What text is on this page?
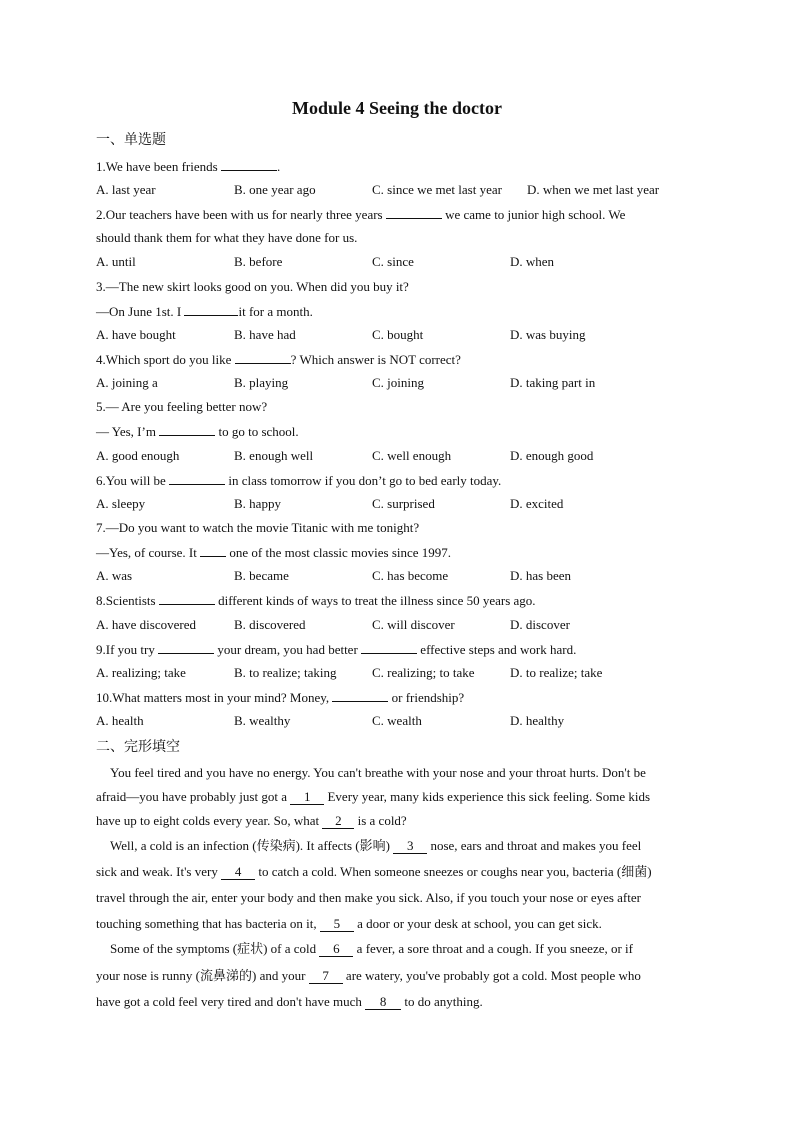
Module 4 Seeing the doctor
一、单选题
1.We have been friends	.
A. last year	B. one year ago	C. since we met last year D. when we met last year
2.Our teachers have been with us for nearly three years	we came to junior high school. We
should thank them for what they have done for us.
A. until	B. before	C. since	D. when
3.—The new skirt looks good on you. When did you buy it?
—On June 1st. I	it for a month.
A. have bought	B. have had	C. bought	D. was buying
4.Which sport do you like	? Which answer is NOT correct?
A. joining a	B. playing	C. joining	D. taking part in
5.— Are you feeling better now?
— Yes, I’m	to go to school.
A. good enough	B. enough well	C. well enough	D. enough good
6.You will be	in class tomorrow if you don’t go to bed early today.
A. sleepy	B. happy	C. surprised	D. excited
7.—Do you want to watch the movie Titanic with me tonight?
—Yes, of course. It	one of the most classic movies since 1997.
A. was	B. became	C. has become	D. has been
8.Scientists	different kinds of ways to treat the illness since 50 years ago.
A. have discovered	B. discovered	C. will discover	D. discover
9.If you try	your dream, you had better	effective steps and work hard.
A. realizing; take	B. to realize; taking	C. realizing; to take	D. to realize; take
10.What matters most in your mind? Money,	or friendship?
A. health	B. wealthy	C. wealth	D. healthy
二、完形填空
You feel tired and you have no energy. You can't breathe with your nose and your throat hurts. Don't be
afraid—you have probably just got a 1 Every year, many kids experience this sick feeling. Some kids
have up to eight colds every year. So, what 2 is a cold?
Well, a cold is an infection (传染病). It affects (影响) 3 nose, ears and throat and makes you feel
sick and weak. It's very 4 to catch a cold. When someone sneezes or coughs near you, bacteria (细菌)
travel through the air, enter your body and then make you sick. Also, if you touch your nose or eyes after
touching something that has bacteria on it, 5 a door or your desk at school, you can get sick.
Some of the symptoms (症状) of a cold 6 a fever, a sore throat and a cough. If you sneeze, or if
your nose is runny (流鼻涕的) and your 7 are watery, you've probably got a cold. Most people who
have got a cold feel very tired and don't have much 8 to do anything.
